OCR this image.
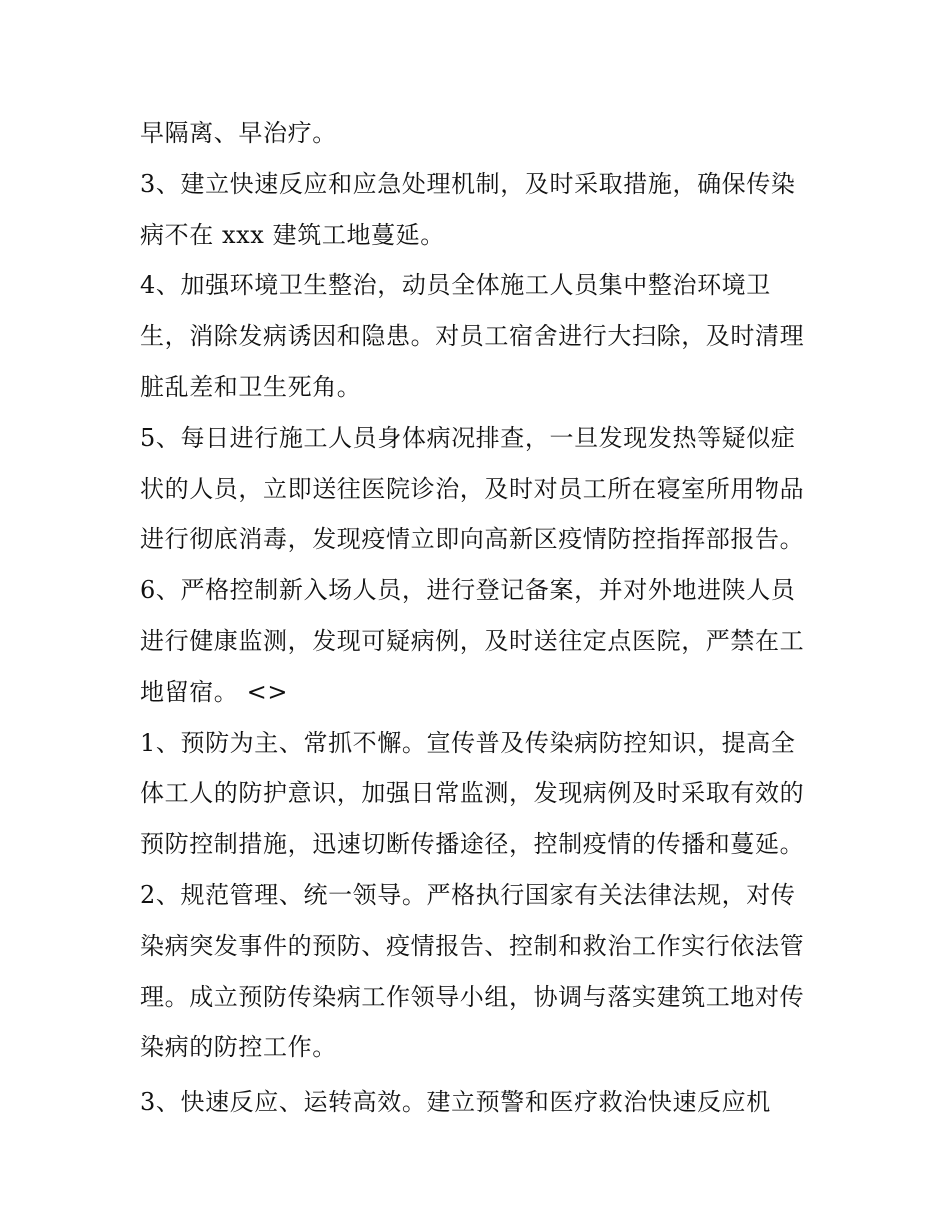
早隔离、早治疗。
3、建立快速反应和应急处理机制，及时采取措施，确保传染
病不在 xxx 建筑工地蔓延。
4、加强环境卫生整治，动员全体施工人员集中整治环境卫
生，消除发病诱因和隐患。对员工宿舍进行大扫除，及时清理
脏乱差和卫生死角。
5、每日进行施工人员身体病况排查，一旦发现发热等疑似症
状的人员，立即送往医院诊治，及时对员工所在寝室所用物品
进行彻底消毒，发现疫情立即向高新区疫情防控指挥部报告。
6、严格控制新入场人员，进行登记备案，并对外地进陕人员
进行健康监测，发现可疑病例，及时送往定点医院，严禁在工
地留宿。 <>
1、预防为主、常抓不懈。宣传普及传染病防控知识，提高全
体工人的防护意识，加强日常监测，发现病例及时采取有效的
预防控制措施，迅速切断传播途径，控制疫情的传播和蔓延。
2、规范管理、统一领导。严格执行国家有关法律法规，对传
染病突发事件的预防、疫情报告、控制和救治工作实行依法管
理。成立预防传染病工作领导小组，协调与落实建筑工地对传
染病的防控工作。
3、快速反应、运转高效。建立预警和医疗救治快速反应机
